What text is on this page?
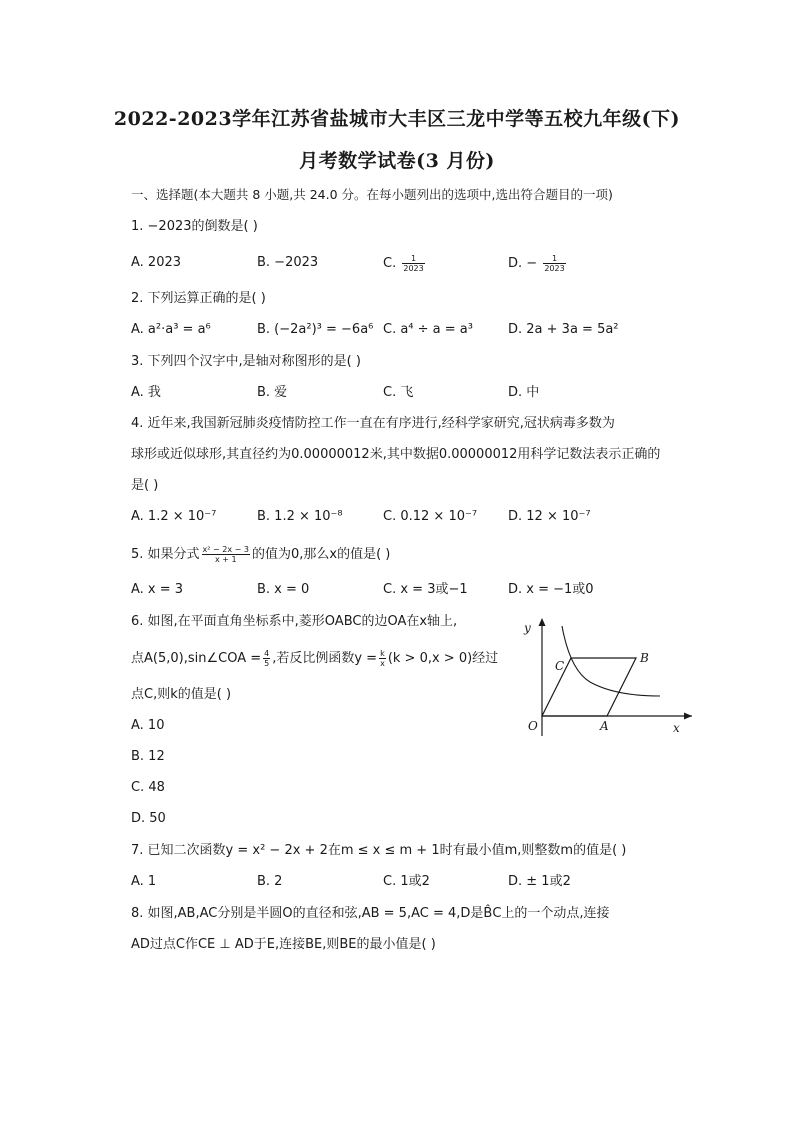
2022-2023学年江苏省盐城市大丰区三龙中学等五校九年级(下)
月考数学试卷(3 月份)
一、选择题(本大题共 8 小题,共 24.0 分。在每小题列出的选项中,选出符合题目的一项)
1. −2023的倒数是( )
A. 2023	B. −2023	C. $\frac{1}{2023}$	D. − $\frac{1}{2023}$
2. 下列运算正确的是( )
A. a²·a³ = a⁶	B. (−2a²)³ = −6a⁶ C. a⁴ ÷ a = a³	D. 2a + 3a = 5a²
3. 下列四个汉字中,是轴对称图形的是( )
A. 我	B. 爱	C. 飞	D. 中
4. 近年来,我国新冠肺炎疫情防控工作一直在有序进行,经科学家研究,冠状病毒多数为
球形或近似球形,其直径约为0.00000012米,其中数据0.00000012用科学记数法表示正确的
是( )
A. 1.2 × 10⁻⁷	B. 1.2 × 10⁻⁸	C. 0.12 × 10⁻⁷ D. 12 × 10⁻⁷
5. 如果分式 $\frac{\text{x² − 2x − 3}}{x + 1}$ 的值为0,那么x的值是( )
A. x = 3	B. x = 0	C. x = 3或−1	D. x = −1或0
6. 如图,在平面直角坐标系中,菱形OABC的边OA在x轴上,
点A(5,0),sin∠COA = $\frac{4}{5}$ ,若反比例函数$y = \frac{k}{x} (k > 0,x > 0)$经过
点C,则k的值是( )
A. 10
B. 12
C. 48
D. 50
y
x
O	A
B
C
7. 已知二次函数y = x² − 2x + 2在m ≤ x ≤ m + 1时有最小值m,则整数m的值是( )
A. 1	B. 2	C. 1或2	D. ± 1或2
8. 如图,AB,AC分别是半圆O的直径和弦,AB = 5,AC = 4,D是B̂C上的一个动点,连接
AD过点C作CE ⊥ AD于E,连接BE,则BE的最小值是( )
